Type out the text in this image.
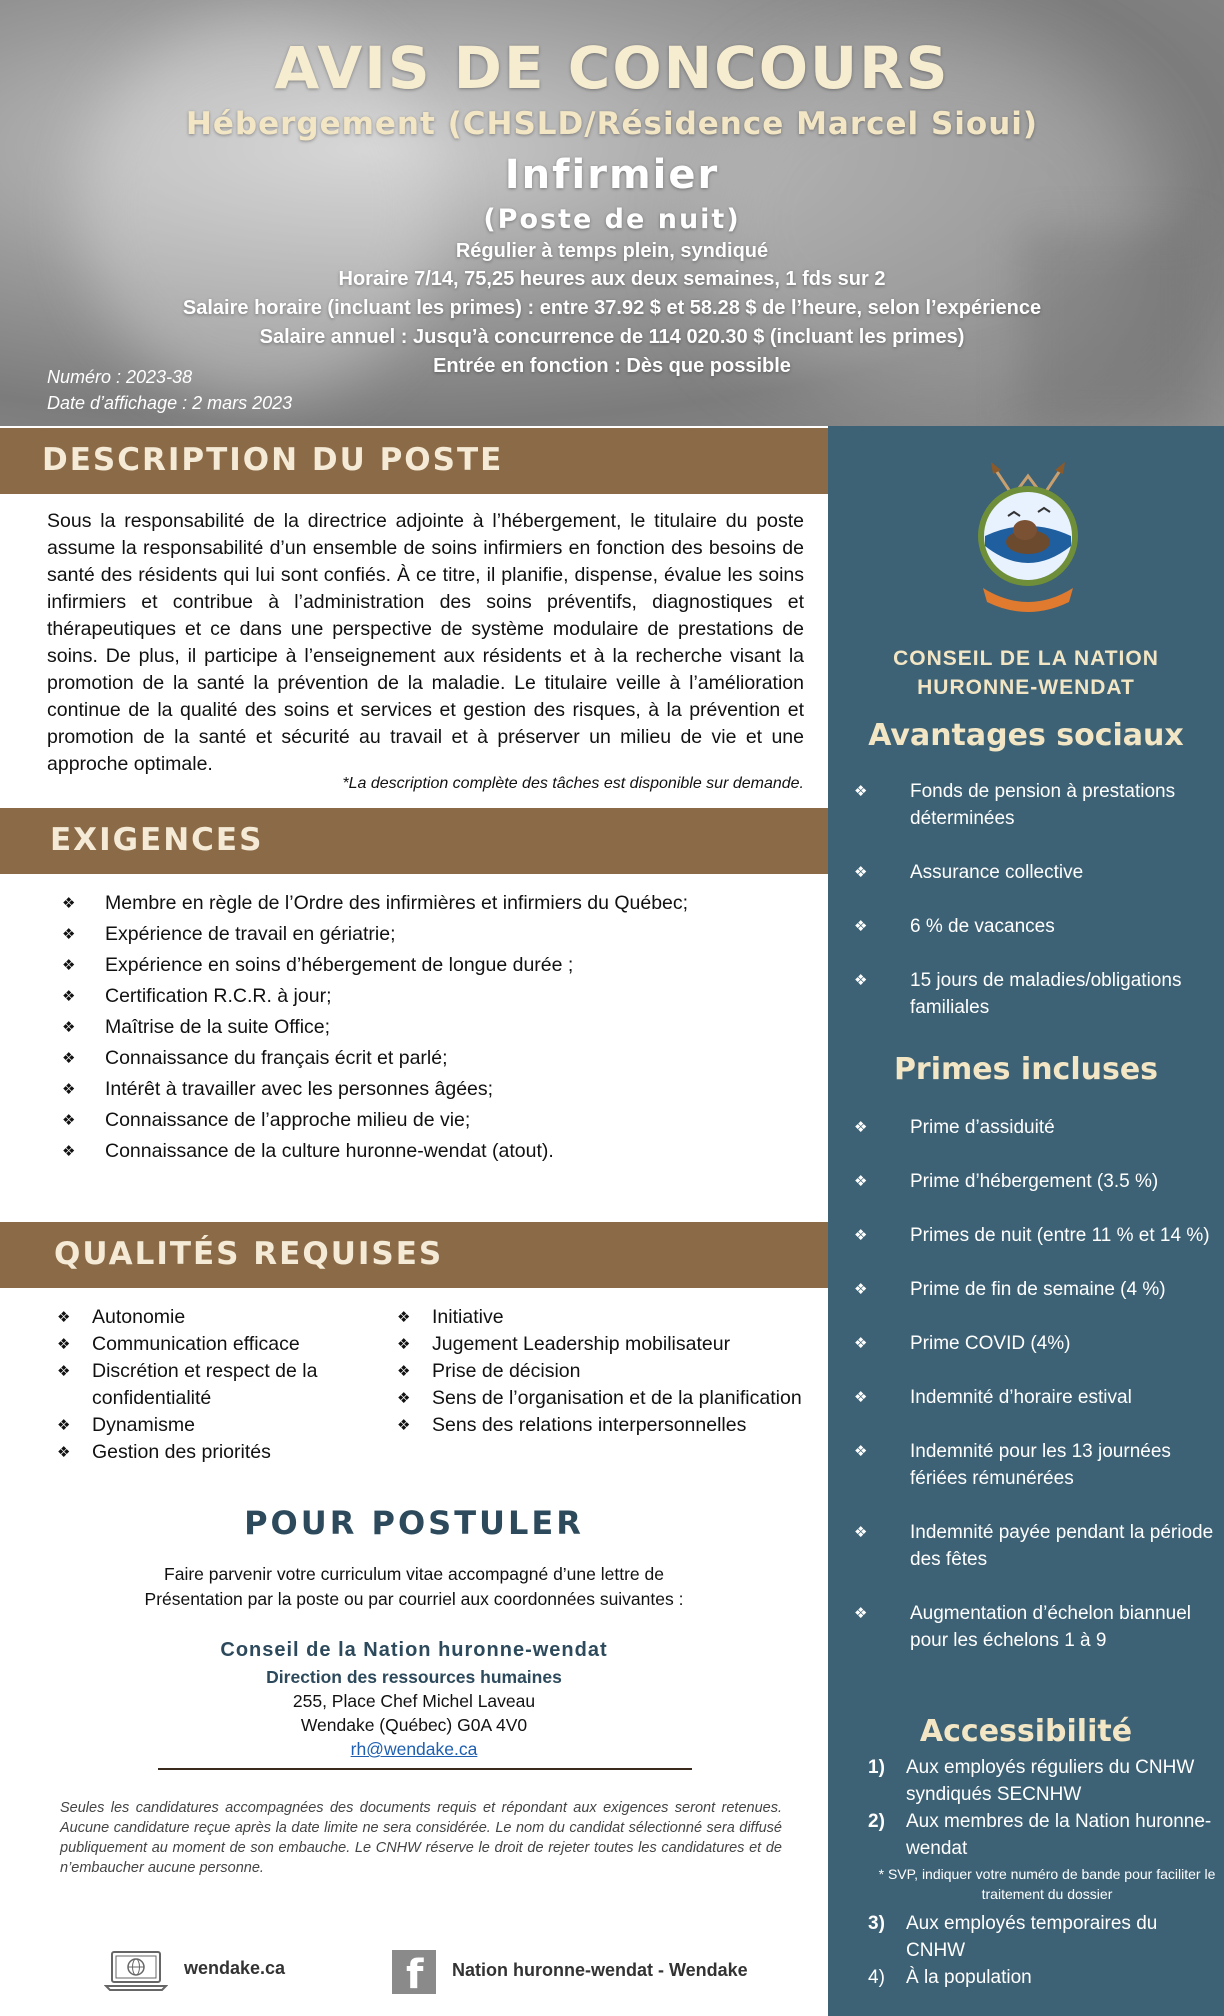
AVIS DE CONCOURS
Hébergement (CHSLD/Résidence Marcel Sioui)
Infirmier
(Poste de nuit)
Régulier à temps plein, syndiqué
Horaire 7/14, 75,25 heures aux deux semaines, 1 fds sur 2
Salaire horaire (incluant les primes) : entre 37.92 $ et 58.28 $ de l’heure, selon l’expérience
Salaire annuel : Jusqu’à concurrence de 114 020.30 $ (incluant les primes)
Entrée en fonction : Dès que possible
Numéro : 2023-38
Date d’affichage : 2 mars 2023
DESCRIPTION DU POSTE

Sous la responsabilité de la directrice adjointe à l’hébergement, le titulaire du poste assume la responsabilité d’un ensemble de soins infirmiers en fonction des besoins de santé des résidents qui lui sont confiés. À ce titre, il planifie, dispense, évalue les soins infirmiers et contribue à l’administration des soins préventifs, diagnostiques et thérapeutiques et ce dans une perspective de système modulaire de prestations de soins. De plus, il participe à l’enseignement aux résidents et à la recherche visant la promotion de la santé la prévention de la maladie. Le titulaire veille à l’amélioration continue de la qualité des soins et services et gestion des risques, à la prévention et promotion de la santé et sécurité au travail et à préserver un milieu de vie et une approche optimale.

*La description complète des tâches est disponible sur demande.
EXIGENCES
❖ Membre en règle de l’Ordre des infirmières et infirmiers du Québec;
❖ Expérience de travail en gériatrie;
❖ Expérience en soins d’hébergement de longue durée ;
❖ Certification R.C.R. à jour;
❖ Maîtrise de la suite Office;
❖ Connaissance du français écrit et parlé;
❖ Intérêt à travailler avec les personnes âgées;
❖ Connaissance de l’approche milieu de vie;
❖ Connaissance de la culture huronne-wendat (atout).
QUALITÉS REQUISES
❖ Autonomie
❖ Communication efficace
❖ Discrétion et respect de la confidentialité
❖ Dynamisme
❖ Gestion des priorités
❖ Initiative
❖ Jugement Leadership mobilisateur
❖ Prise de décision
❖ Sens de l’organisation et de la planification
❖ Sens des relations interpersonnelles
POUR POSTULER
Faire parvenir votre curriculum vitae accompagné d’une lettre de
Présentation par la poste ou par courriel aux coordonnées suivantes :
Conseil de la Nation huronne-wendat
Direction des ressources humaines
255, Place Chef Michel Laveau
Wendake (Québec) G0A 4V0
rh@wendake.ca

Seules les candidatures accompagnées des documents requis et répondant aux exigences seront retenues. Aucune candidature reçue après la date limite ne sera considérée. Le nom du candidat sélectionné sera diffusé publiquement au moment de son embauche. Le CNHW réserve le droit de rejeter toutes les candidatures et de n’embaucher aucune personne.

wendake.ca	f Nation huronne-wendat - Wendake
CONSEIL DE LA NATION
HURONNE-WENDAT
Avantages sociaux
❖ Fonds de pension à prestations déterminées
❖ Assurance collective
❖ 6 % de vacances
❖ 15 jours de maladies/obligations familiales
Primes incluses
❖ Prime d’assiduité
❖ Prime d’hébergement (3.5 %)
❖ Primes de nuit (entre 11 % et 14 %)
❖ Prime de fin de semaine (4 %)
❖ Prime COVID (4%)
❖ Indemnité d’horaire estival
❖ Indemnité pour les 13 journées fériées rémunérées
❖ Indemnité payée pendant la période des fêtes
❖ Augmentation d’échelon biannuel pour les échelons 1 à 9
Accessibilité
1) Aux employés réguliers du CNHW syndiqués SECNHW
2) Aux membres de la Nation huronne-wendat
* SVP, indiquer votre numéro de bande pour faciliter le traitement du dossier
3) Aux employés temporaires du CNHW
4) À la population
